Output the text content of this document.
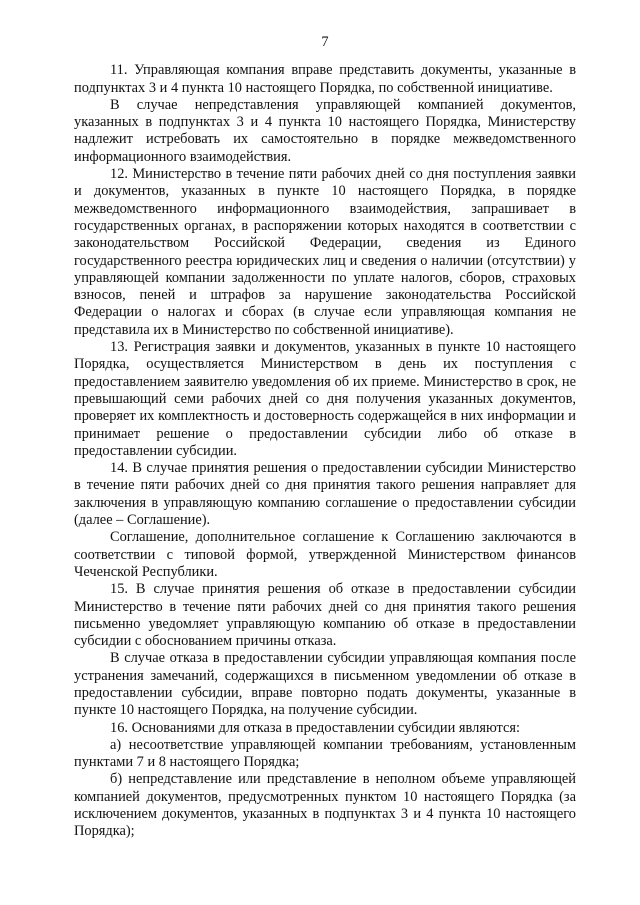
7

11. Управляющая компания вправе представить документы, указанные в подпунктах 3 и 4 пункта 10 настоящего Порядка, по собственной инициативе.

В случае непредставления управляющей компанией документов, указанных в подпунктах 3 и 4 пункта 10 настоящего Порядка, Министерству надлежит истребовать их самостоятельно в порядке межведомственного информационного взаимодействия.

12. Министерство в течение пяти рабочих дней со дня поступления заявки и документов, указанных в пункте 10 настоящего Порядка, в порядке межведомственного информационного взаимодействия, запрашивает в государственных органах, в распоряжении которых находятся в соответствии с законодательством Российской Федерации, сведения из Единого государственного реестра юридических лиц и сведения о наличии (отсутствии) у управляющей компании задолженности по уплате налогов, сборов, страховых взносов, пеней и штрафов за нарушение законодательства Российской Федерации о налогах и сборах (в случае если управляющая компания не представила их в Министерство по собственной инициативе).

13. Регистрация заявки и документов, указанных в пункте 10 настоящего Порядка, осуществляется Министерством в день их поступления с предоставлением заявителю уведомления об их приеме. Министерство в срок, не превышающий семи рабочих дней со дня получения указанных документов, проверяет их комплектность и достоверность содержащейся в них информации и принимает решение о предоставлении субсидии либо об отказе в предоставлении субсидии.

14. В случае принятия решения о предоставлении субсидии Министерство в течение пяти рабочих дней со дня принятия такого решения направляет для заключения в управляющую компанию соглашение о предоставлении субсидии (далее – Соглашение).

Соглашение, дополнительное соглашение к Соглашению заключаются в соответствии с типовой формой, утвержденной Министерством финансов Чеченской Республики.

15. В случае принятия решения об отказе в предоставлении субсидии Министерство в течение пяти рабочих дней со дня принятия такого решения письменно уведомляет управляющую компанию об отказе в предоставлении субсидии с обоснованием причины отказа.

В случае отказа в предоставлении субсидии управляющая компания после устранения замечаний, содержащихся в письменном уведомлении об отказе в предоставлении субсидии, вправе повторно подать документы, указанные в пункте 10 настоящего Порядка, на получение субсидии.

16. Основаниями для отказа в предоставлении субсидии являются:

а) несоответствие управляющей компании требованиям, установленным пунктами 7 и 8 настоящего Порядка;

б) непредставление или представление в неполном объеме управляющей компанией документов, предусмотренных пунктом 10 настоящего Порядка (за исключением документов, указанных в подпунктах 3 и 4 пункта 10 настоящего Порядка);
